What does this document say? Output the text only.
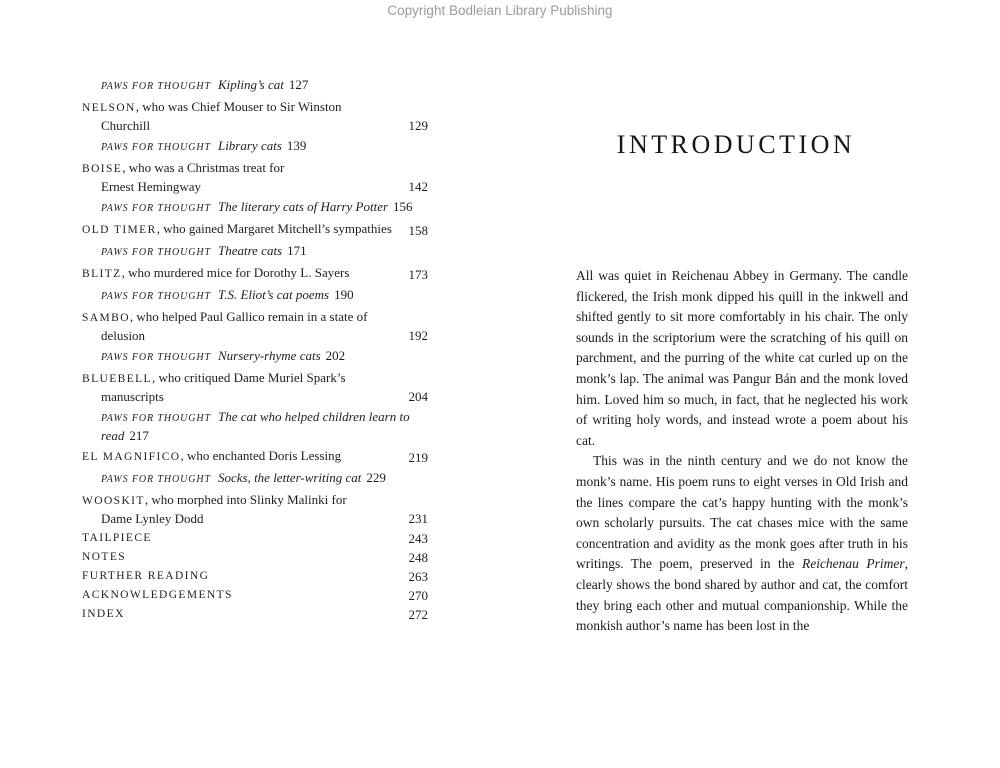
Copyright Bodleian Library Publishing
PAWS FOR THOUGHT Kipling’s cat 127
NELSON, who was Chief Mouser to Sir Winston
Churchill	129
PAWS FOR THOUGHT Library cats 139
BOISE, who was a Christmas treat for
Ernest Hemingway	142
PAWS FOR THOUGHT The literary cats of Harry Potter 156
OLD TIMER, who gained Margaret Mitchell’s sympathies 158
PAWS FOR THOUGHT Theatre cats 171
BLITZ, who murdered mice for Dorothy L. Sayers	173
PAWS FOR THOUGHT T.S. Eliot’s cat poems 190
SAMBO, who helped Paul Gallico remain in a state of
delusion	192
PAWS FOR THOUGHT Nursery-rhyme cats 202
BLUEBELL, who critiqued Dame Muriel Spark’s
manuscripts	204
PAWS FOR THOUGHT The cat who helped children learn to
read 217
EL MAGNIFICO, who enchanted Doris Lessing	219
PAWS FOR THOUGHT Socks, the letter-writing cat 229
WOOSKIT, who morphed into Slinky Malinki for
Dame Lynley Dodd	231
TAILPIECE	243
NOTES	248
FURTHER READING	263
ACKNOWLEDGEMENTS	270
INDEX	272
INTRODUCTION

All was quiet in Reichenau Abbey in Germany. The candle flickered, the Irish monk dipped his quill in the inkwell and shifted gently to sit more comfortably in his chair. The only sounds in the scriptorium were the scratching of his quill on parchment, and the purring of the white cat curled up on the monk’s lap. The animal was Pangur Bán and the monk loved him. Loved him so much, in fact, that he neglected his work of writing holy words, and instead wrote a poem about his cat.

This was in the ninth century and we do not know the monk’s name. His poem runs to eight verses in Old Irish and the lines compare the cat’s happy hunting with the monk’s own scholarly pursuits. The cat chases mice with the same concentration and avidity as the monk goes after truth in his writings. The poem, preserved in the Reichenau Primer, clearly shows the bond shared by author and cat, the comfort they bring each other and mutual companionship. While the monkish author’s name has been lost in the
